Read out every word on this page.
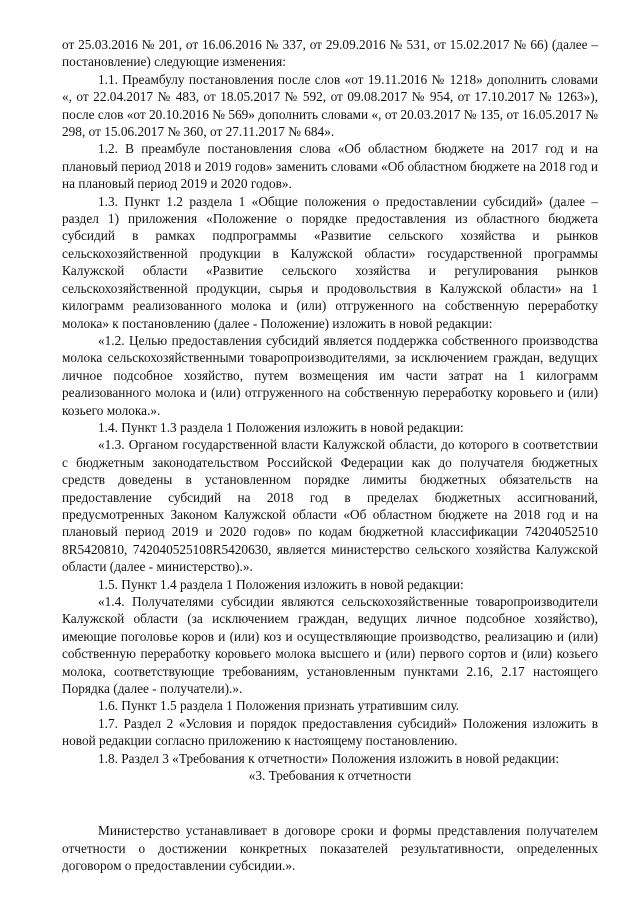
от 25.03.2016 № 201, от 16.06.2016 № 337, от 29.09.2016 № 531, от 15.02.2017 № 66) (далее – постановление) следующие изменения:

1.1. Преамбулу постановления после слов «от 19.11.2016 № 1218» дополнить словами «, от 22.04.2017 № 483, от 18.05.2017 № 592, от 09.08.2017 № 954, от 17.10.2017 № 1263»), после слов «от 20.10.2016 № 569» дополнить словами «, от 20.03.2017 № 135, от 16.05.2017 № 298, от 15.06.2017 № 360, от 27.11.2017 № 684».

1.2. В преамбуле постановления слова «Об областном бюджете на 2017 год и на плановый период 2018 и 2019 годов» заменить словами «Об областном бюджете на 2018 год и на плановый период 2019 и 2020 годов».

1.3. Пункт 1.2 раздела 1 «Общие положения о предоставлении субсидий» (далее – раздел 1) приложения «Положение о порядке предоставления из областного бюджета субсидий в рамках подпрограммы «Развитие сельского хозяйства и рынков сельскохозяйственной продукции в Калужской области» государственной программы Калужской области «Развитие сельского хозяйства и регулирования рынков сельскохозяйственной продукции, сырья и продовольствия в Калужской области» на 1 килограмм реализованного молока и (или) отгруженного на собственную переработку молока» к постановлению (далее - Положение) изложить в новой редакции:

«1.2. Целью предоставления субсидий является поддержка собственного производства молока сельскохозяйственными товаропроизводителями, за исключением граждан, ведущих личное подсобное хозяйство, путем возмещения им части затрат на 1 килограмм реализованного молока и (или) отгруженного на собственную переработку коровьего и (или) козьего молока.».

1.4. Пункт 1.3 раздела 1 Положения изложить в новой редакции:

«1.3. Органом государственной власти Калужской области, до которого в соответствии с бюджетным законодательством Российской Федерации как до получателя бюджетных средств доведены в установленном порядке лимиты бюджетных обязательств на предоставление субсидий на 2018 год в пределах бюджетных ассигнований, предусмотренных Законом Калужской области «Об областном бюджете на 2018 год и на плановый период 2019 и 2020 годов» по кодам бюджетной классификации 74204052510​8R5420810, 742040525108R5420630, является министерство сельского хозяйства Калужской области (далее - министерство).».

1.5. Пункт 1.4 раздела 1 Положения изложить в новой редакции:

«1.4. Получателями субсидии являются сельскохозяйственные товаропроизводители Калужской области (за исключением граждан, ведущих личное подсобное хозяйство), имеющие поголовье коров и (или) коз и осуществляющие производство, реализацию и (или) собственную переработку коровьего молока высшего и (или) первого сортов и (или) козьего молока, соответствующие требованиям, установленным пунктами 2.16, 2.17 настоящего Порядка (далее - получатели).».

1.6. Пункт 1.5 раздела 1 Положения признать утратившим силу.

1.7. Раздел 2 «Условия и порядок предоставления субсидий» Положения изложить в новой редакции согласно приложению к настоящему постановлению.

1.8. Раздел 3 «Требования к отчетности» Положения изложить в новой редакции:

«3. Требования к отчетности

Министерство устанавливает в договоре сроки и формы представления получателем отчетности о достижении конкретных показателей результативности, определенных договором о предоставлении субсидии.».
